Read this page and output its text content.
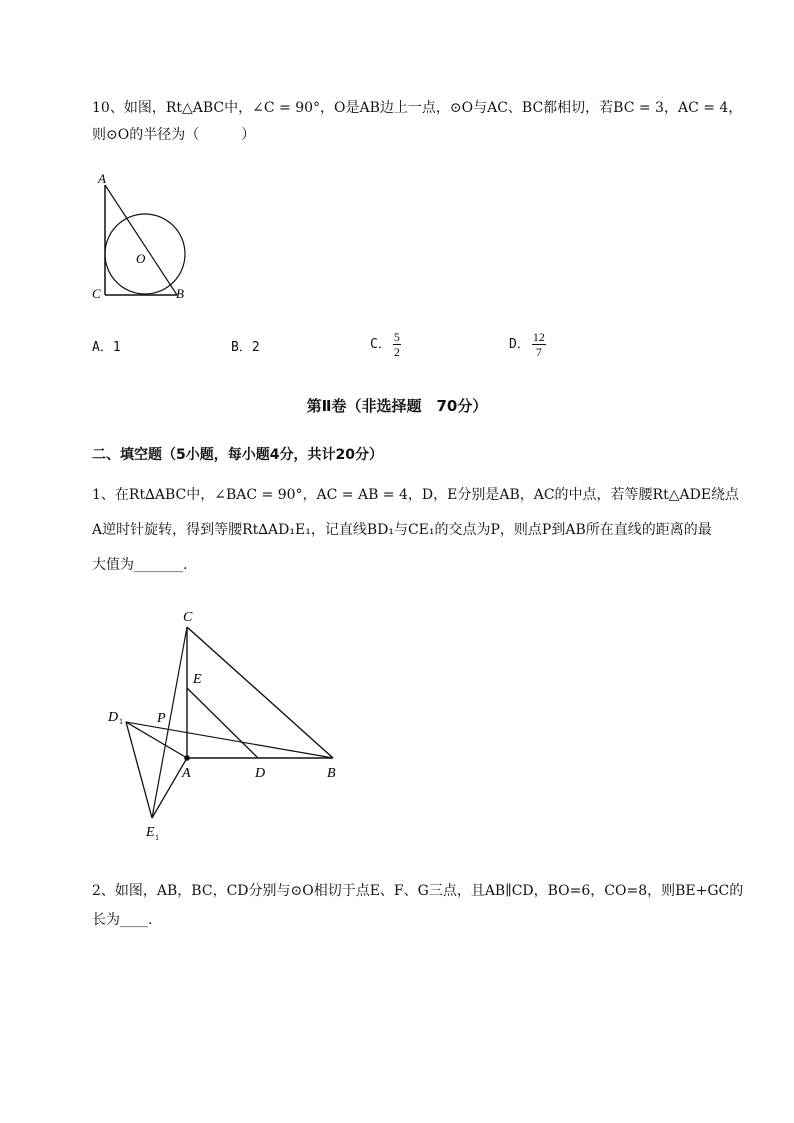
10、如图，Rt△ABC中，∠C = 90°，O是AB边上一点，⊙O与AC、BC都相切，若BC = 3，AC = 4，
则⊙O的半径为（　　　）
A
C	B
O
A．1	B．2	C． $\frac{5}{2}$	D． $\frac{12}{7}$
第Ⅱ卷（非选择题　70分）
二、填空题（5小题，每小题4分，共计20分）
1、在Rt∆ABC中，∠BAC = 90°，AC = AB = 4，D，E分别是AB，AC的中点，若等腰Rt△ADE绕点
A逆时针旋转，得到等腰Rt∆AD₁E₁，记直线BD₁与CE₁的交点为P，则点P到AB所在直线的距离的最
大值为_______.
C
E
P
D 1
A	D	B
E 1
2、如图，AB，BC，CD分别与⊙O相切于点E、F、G三点，且AB∥CD，BO=6，CO=8，则BE+GC的
长为____.
